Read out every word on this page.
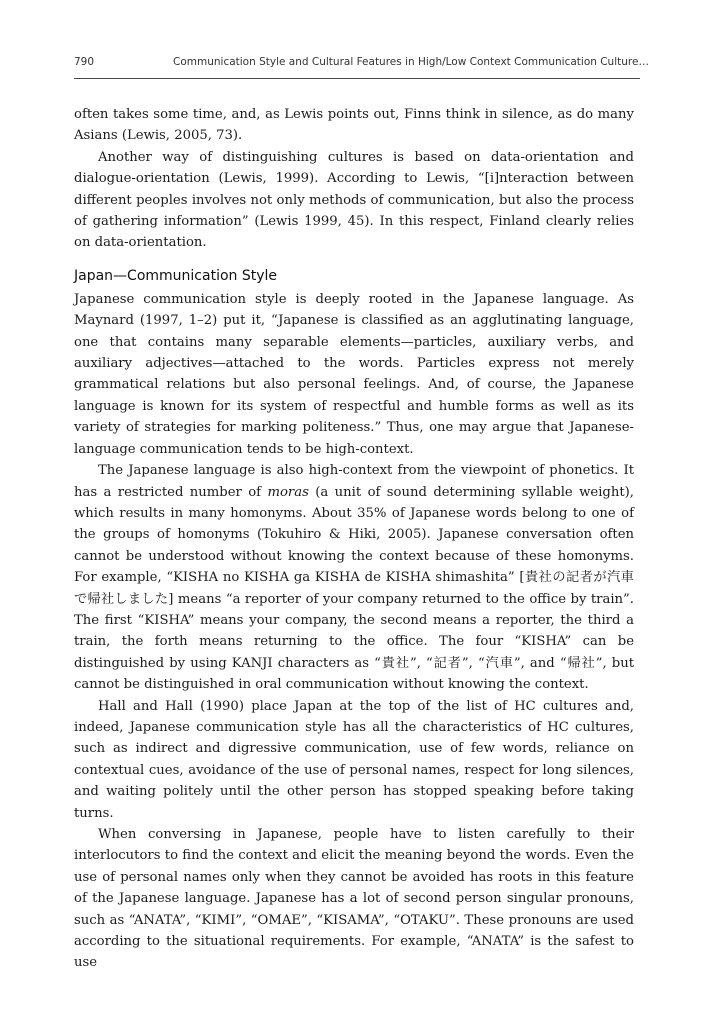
790	Communication Style and Cultural Features in High/Low Context Communication Culture…

often takes some time, and, as Lewis points out, Finns think in silence, as do many Asians (Lewis, 2005, 73).

Another way of distinguishing cultures is based on data-orientation and dialogue-orientation (Lewis, 1999). According to Lewis, “[i]nteraction between different peoples involves not only methods of communication, but also the process of gathering information” (Lewis 1999, 45). In this respect, Finland clearly relies on data-orientation.

Japan—Communication Style

Japanese communication style is deeply rooted in the Japanese language. As Maynard (1997, 1–2) put it, “Japanese is classified as an agglutinating language, one that contains many separable elements—particles, auxiliary verbs, and auxiliary adjectives—attached to the words. Particles express not merely grammatical relations but also personal feelings. And, of course, the Japanese language is known for its system of respectful and humble forms as well as its variety of strategies for marking politeness.” Thus, one may argue that Japanese-language communication tends to be high-context.

The Japanese language is also high-context from the viewpoint of phonetics. It has a restricted number of moras (a unit of sound determining syllable weight), which results in many homonyms. About 35% of Japanese words belong to one of the groups of homonyms (Tokuhiro & Hiki, 2005). Japanese conversation often cannot be understood without knowing the context because of these homonyms. For example, “KISHA no KISHA ga KISHA de KISHA shimashita” [貴社の記者が汽車で帰社しました] means “a reporter of your company returned to the office by train”. The first “KISHA” means your company, the second means a reporter, the third a train, the forth means returning to the office. The four “KISHA” can be distinguished by using KANJI characters as “貴社”, “記者”, “汽車”, and “帰社”, but cannot be distinguished in oral communication without knowing the context.

Hall and Hall (1990) place Japan at the top of the list of HC cultures and, indeed, Japanese communication style has all the characteristics of HC cultures, such as indirect and digressive communication, use of few words, reliance on contextual cues, avoidance of the use of personal names, respect for long silences, and waiting politely until the other person has stopped speaking before taking turns.

When conversing in Japanese, people have to listen carefully to their interlocutors to find the context and elicit the meaning beyond the words. Even the use of personal names only when they cannot be avoided has roots in this feature of the Japanese language. Japanese has a lot of second person singular pronouns, such as “ANATA”, “KIMI”, “OMAE”, “KISAMA”, “OTAKU”. These pronouns are used according to the situational requirements. For example, “ANATA” is the safest to use
